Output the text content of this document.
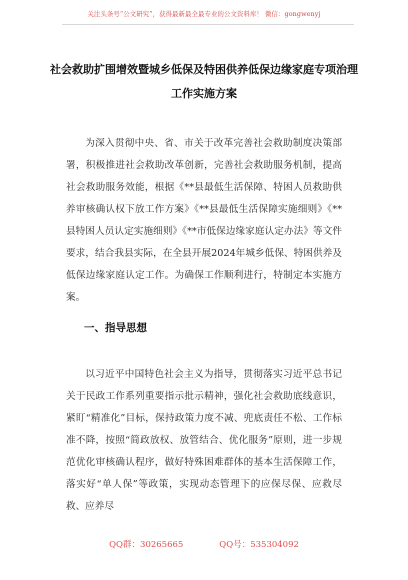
关注头条号“公文研究”，获得最新最全最专业的公文资料库！ 微信：gongwenyj
社会救助扩围增效暨城乡低保及特困供养低保边缘家庭专项治理工作实施方案
为深入贯彻中央、省、市关于改革完善社会救助制度决策部署，积极推进社会救助改革创新，完善社会救助服务机制，提高社会救助服务效能，根据《**县最低生活保障、特困人员救助供养审核确认权下放工作方案》《**县最低生活保障实施细则》《**县特困人员认定实施细则》《**市低保边缘家庭认定办法》等文件要求，结合我县实际，在全县开展2024年城乡低保、特困供养及低保边缘家庭认定工作。为确保工作顺利进行，特制定本实施方案。
一、指导思想
以习近平中国特色社会主义为指导，贯彻落实习近平总书记关于民政工作系列重要指示批示精神，强化社会救助底线意识，紧盯“精准化”目标，保持政策力度不减、兜底责任不松、工作标准不降，按照“简政放权、放管结合、优化服务”原则，进一步规范优化审核确认程序，做好特殊困难群体的基本生活保障工作，落实好“单人保”等政策，实现动态管理下的应保尽保、应救尽救、应养尽
QQ群：30265665	QQ号：535304092
